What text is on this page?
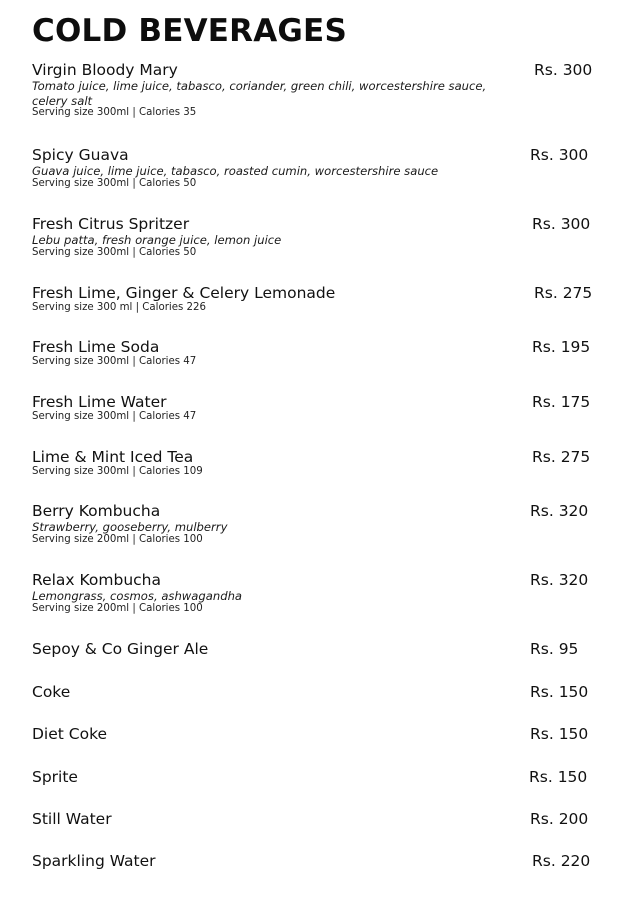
COLD BEVERAGES
Virgin Bloody Mary	Rs. 300
Tomato juice, lime juice, tabasco, coriander, green chili, worcestershire sauce, celery salt
Serving size 300ml | Calories 35
Spicy Guava	Rs. 300
Guava juice, lime juice, tabasco, roasted cumin, worcestershire sauce
Serving size 300ml | Calories 50
Fresh Citrus Spritzer	Rs. 300
Lebu patta, fresh orange juice, lemon juice
Serving size 300ml | Calories 50
Fresh Lime, Ginger & Celery Lemonade	Rs. 275
Serving size 300 ml | Calories 226
Fresh Lime Soda	Rs. 195
Serving size 300ml | Calories 47
Fresh Lime Water	Rs. 175
Serving size 300ml | Calories 47
Lime & Mint Iced Tea	Rs. 275
Serving size 300ml | Calories 109
Berry Kombucha	Rs. 320
Strawberry, gooseberry, mulberry
Serving size 200ml | Calories 100
Relax Kombucha	Rs. 320
Lemongrass, cosmos, ashwagandha
Serving size 200ml | Calories 100
Sepoy & Co Ginger Ale	Rs. 95
Coke	Rs. 150
Diet Coke	Rs. 150
Sprite	Rs. 150
Still Water	Rs. 200
Sparkling Water	Rs. 220
